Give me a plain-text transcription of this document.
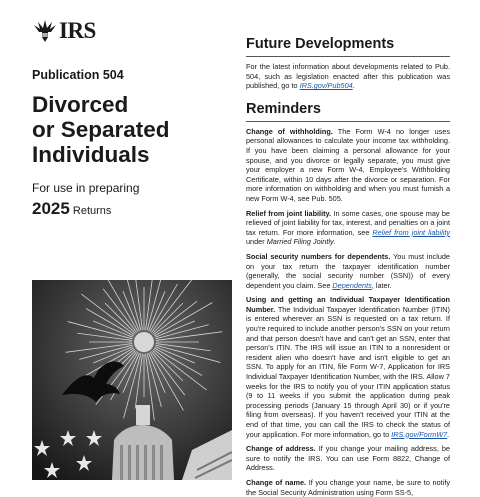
IRS
Publication 504
Divorced
or Separated
Individuals
For use in preparing
2025 Returns
Future Developments

For the latest information about developments related to Pub. 504, such as legislation enacted after this publication was published, go to IRS.gov/Pub504.

Reminders

Change of withholding. The Form W-4 no longer uses personal allowances to calculate your income tax withholding. If you have been claiming a personal allowance for your spouse, and you divorce or legally separate, you must give your employer a new Form W-4, Employee's Withholding Certificate, within 10 days after the divorce or separation. For more information on withholding and when you must furnish a new Form W-4, see Pub. 505.

Relief from joint liability. In some cases, one spouse may be relieved of joint liability for tax, interest, and penalties on a joint tax return. For more information, see Relief from joint liability under Married Filing Jointly.

Social security numbers for dependents. You must include on your tax return the taxpayer identification number (generally, the social security number (SSN)) of every dependent you claim. See Dependents, later.

Using and getting an Individual Taxpayer Identification Number. The Individual Taxpayer Identification Number (ITIN) is entered wherever an SSN is requested on a tax return. If you're required to include another person's SSN on your return and that person doesn't have and can't get an SSN, enter that person's ITIN. The IRS will issue an ITIN to a nonresident or resident alien who doesn't have and isn't eligible to get an SSN. To apply for an ITIN, file Form W-7, Application for IRS Individual Taxpayer Identification Number, with the IRS. Allow 7 weeks for the IRS to notify you of your ITIN application status (9 to 11 weeks if you submit the application during peak processing periods (January 15 through April 30) or if you're filing from overseas). If you haven't received your ITIN at the end of that time, you can call the IRS to check the status of your application. For more information, go to IRS.gov/FormW7.

Change of address. If you change your mailing address, be sure to notify the IRS. You can use Form 8822, Change of Address.

Change of name. If you change your name, be sure to notify the Social Security Administration using Form SS-5,
